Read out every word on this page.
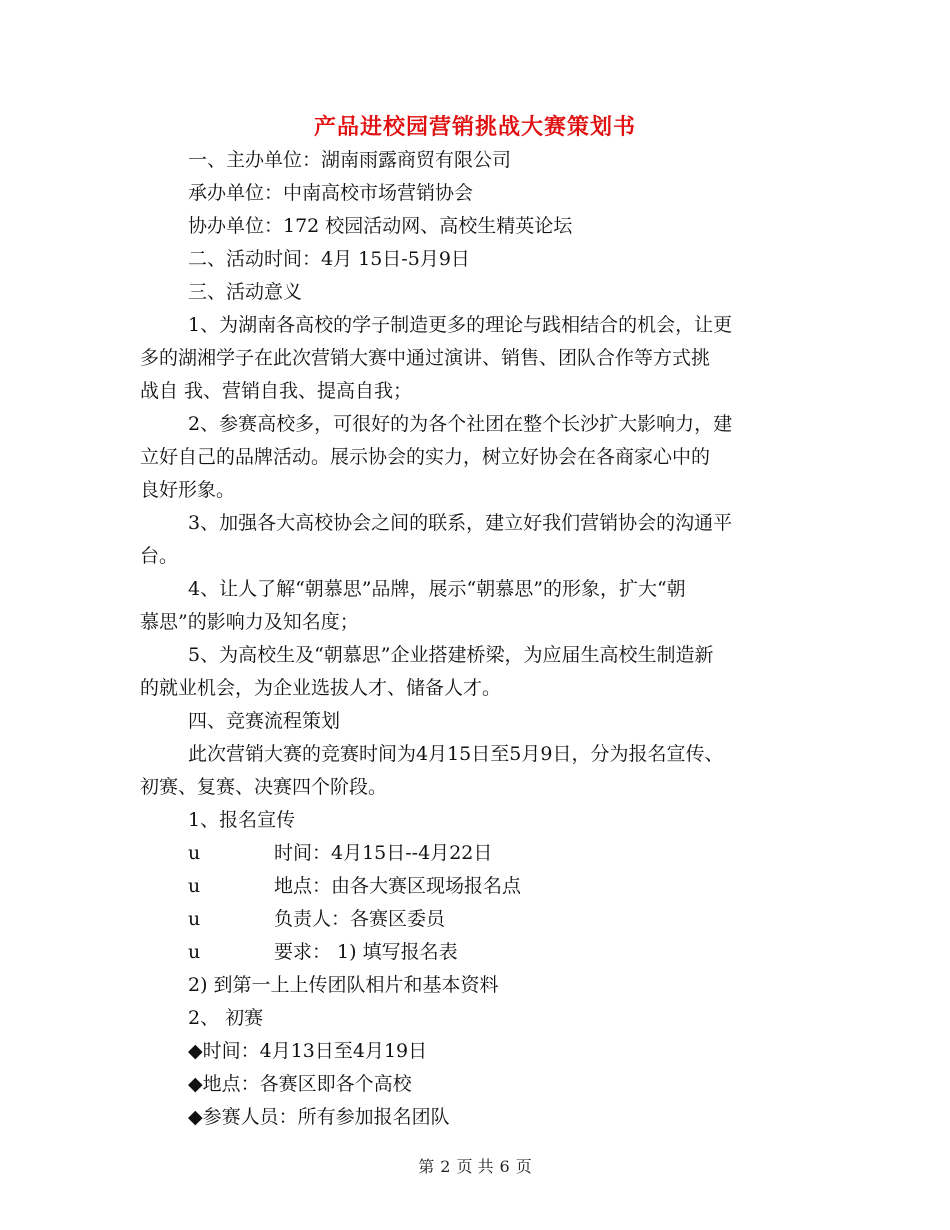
产品进校园营销挑战大赛策划书
一、主办单位：湖南雨露商贸有限公司
承办单位：中南高校市场营销协会
协办单位：172 校园活动网、高校生精英论坛
二、活动时间：4月 15日-5月9日
三、活动意义
1、为湖南各高校的学子制造更多的理论与践相结合的机会，让更
多的湖湘学子在此次营销大赛中通过演讲、销售、团队合作等方式挑
战自 我、营销自我、提高自我；
2、参赛高校多，可很好的为各个社团在整个长沙扩大影响力，建
立好自己的品牌活动。展示协会的实力，树立好协会在各商家心中的
良好形象。
3、加强各大高校协会之间的联系，建立好我们营销协会的沟通平
台。
4、让人了解“朝慕思”品牌，展示“朝慕思”的形象，扩大“朝
慕思”的影响力及知名度；
5、为高校生及“朝慕思”企业搭建桥梁，为应届生高校生制造新
的就业机会，为企业选拔人才、储备人才。
四、竞赛流程策划
此次营销大赛的竞赛时间为4月15日至5月9日，分为报名宣传、
初赛、复赛、决赛四个阶段。
1、报名宣传
u	时间：4月15日--4月22日
u	地点：由各大赛区现场报名点
u	负责人：各赛区委员
u	要求： 1) 填写报名表
2) 到第一上上传团队相片和基本资料
2、 初赛
◆时间：4月13日至4月19日
◆地点：各赛区即各个高校
◆参赛人员：所有参加报名团队
第 2 页 共 6 页
